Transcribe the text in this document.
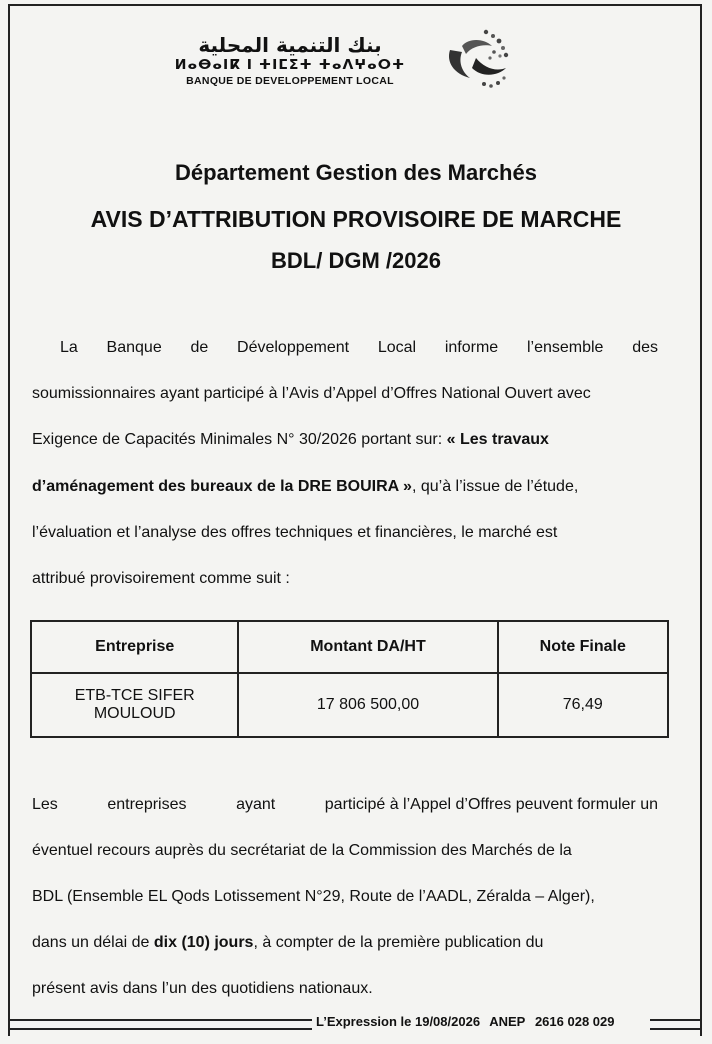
بنك التنمية المحلية
ⵍⴰⴱⴰⵏⴽ ⵏ ⵜⵏⵎⵉⵜ ⵜⴰⴷⵖⴰⵔⵜ
BANQUE DE DEVELOPPEMENT LOCAL
Département Gestion des Marchés
AVIS D’ATTRIBUTION PROVISOIRE DE MARCHE
BDL/ DGM /2026
La Banque de Développement Local informe l’ensemble des
soumissionnaires ayant participé à l’Avis d’Appel d’Offres National Ouvert avec
Exigence de Capacités Minimales N° 30/2026 portant sur: « Les travaux
d’aménagement des bureaux de la DRE BOUIRA », qu’à l’issue de l’étude,
l’évaluation et l’analyse des offres techniques et financières, le marché est
attribué provisoirement comme suit :
Entreprise	Montant DA/HT	Note Finale

ETB-TCE SIFER
MOULOUD	17 806 500,00	76,49
Les	entreprises	ayant	participé à l’Appel d’Offres peuvent formuler un
éventuel recours auprès du secrétariat de la Commission des Marchés de la
BDL (Ensemble EL Qods Lotissement N°29, Route de l’AADL, Zéralda – Alger),
dans un délai de dix (10) jours, à compter de la première publication du
présent avis dans l’un des quotidiens nationaux.
L’Expression le 19/08/2026 ANEP 2616 028 029
